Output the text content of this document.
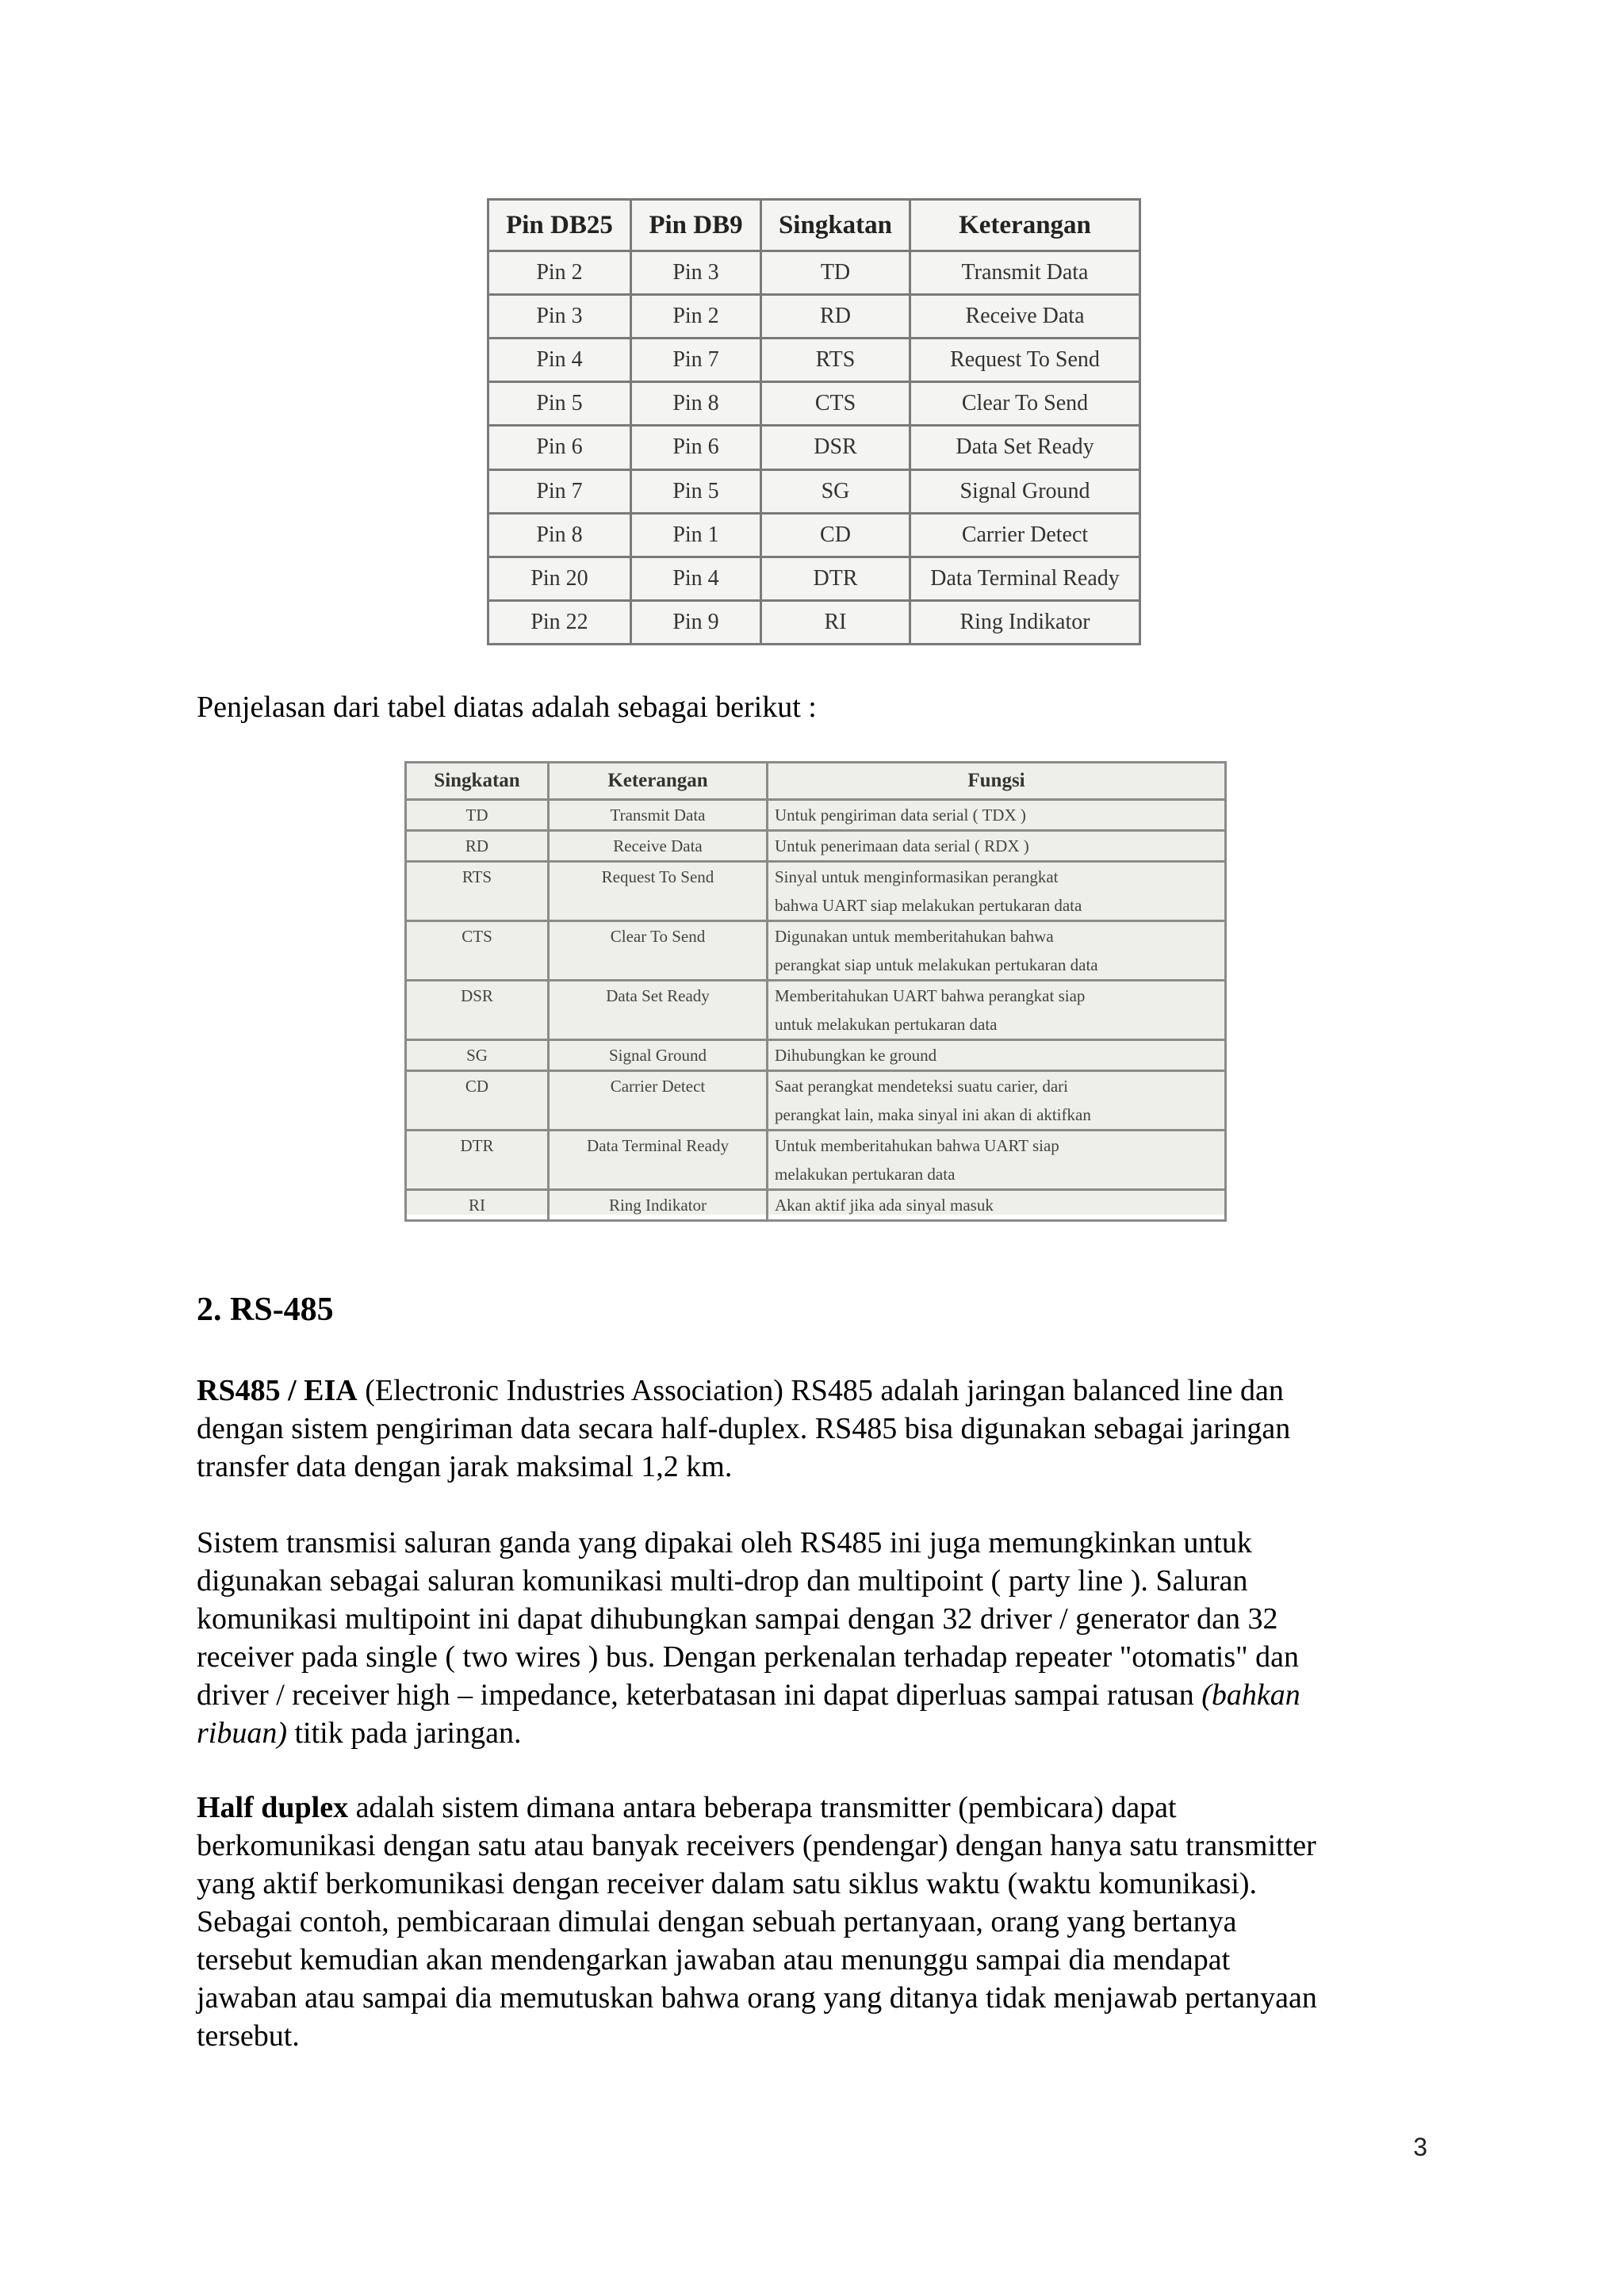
Pin DB25	Pin DB9	Singkatan	Keterangan
Pin 2	Pin 3	TD	Transmit Data
Pin 3	Pin 2	RD	Receive Data
Pin 4	Pin 7	RTS	Request To Send
Pin 5	Pin 8	CTS	Clear To Send
Pin 6	Pin 6	DSR	Data Set Ready
Pin 7	Pin 5	SG	Signal Ground
Pin 8	Pin 1	CD	Carrier Detect
Pin 20	Pin 4	DTR	Data Terminal Ready
Pin 22	Pin 9	RI	Ring Indikator

Penjelasan dari tabel diatas adalah sebagai berikut :

Singkatan	Keterangan	Fungsi
TD	Transmit Data	Untuk pengiriman data serial ( TDX )

RD	Receive Data	Untuk penerimaan data serial ( RDX )

RTS	Request To Send	Sinyal untuk menginformasikan perangkat
bahwa UART siap melakukan pertukaran data

CTS	Clear To Send	Digunakan untuk memberitahukan bahwa
perangkat siap untuk melakukan pertukaran data

DSR	Data Set Ready	Memberitahukan UART bahwa perangkat siap
untuk melakukan pertukaran data

SG	Signal Ground	Dihubungkan ke ground

CD	Carrier Detect	Saat perangkat mendeteksi suatu carier, dari
perangkat lain, maka sinyal ini akan di aktifkan

DTR	Data Terminal Ready	Untuk memberitahukan bahwa UART siap
melakukan pertukaran data

RI	Ring Indikator	Akan aktif jika ada sinyal masuk
2. RS-485
RS485 / EIA (Electronic Industries Association) RS485 adalah jaringan balanced line dan
dengan sistem pengiriman data secara half-duplex. RS485 bisa digunakan sebagai jaringan
transfer data dengan jarak maksimal 1,2 km.
Sistem transmisi saluran ganda yang dipakai oleh RS485 ini juga memungkinkan untuk
digunakan sebagai saluran komunikasi multi-drop dan multipoint ( party line ). Saluran
komunikasi multipoint ini dapat dihubungkan sampai dengan 32 driver / generator dan 32
receiver pada single ( two wires ) bus. Dengan perkenalan terhadap repeater "otomatis" dan
driver / receiver high – impedance, keterbatasan ini dapat diperluas sampai ratusan (bahkan
ribuan) titik pada jaringan.
Half duplex adalah sistem dimana antara beberapa transmitter (pembicara) dapat
berkomunikasi dengan satu atau banyak receivers (pendengar) dengan hanya satu transmitter
yang aktif berkomunikasi dengan receiver dalam satu siklus waktu (waktu komunikasi).
Sebagai contoh, pembicaraan dimulai dengan sebuah pertanyaan, orang yang bertanya
tersebut kemudian akan mendengarkan jawaban atau menunggu sampai dia mendapat
jawaban atau sampai dia memutuskan bahwa orang yang ditanya tidak menjawab pertanyaan
tersebut.
3
